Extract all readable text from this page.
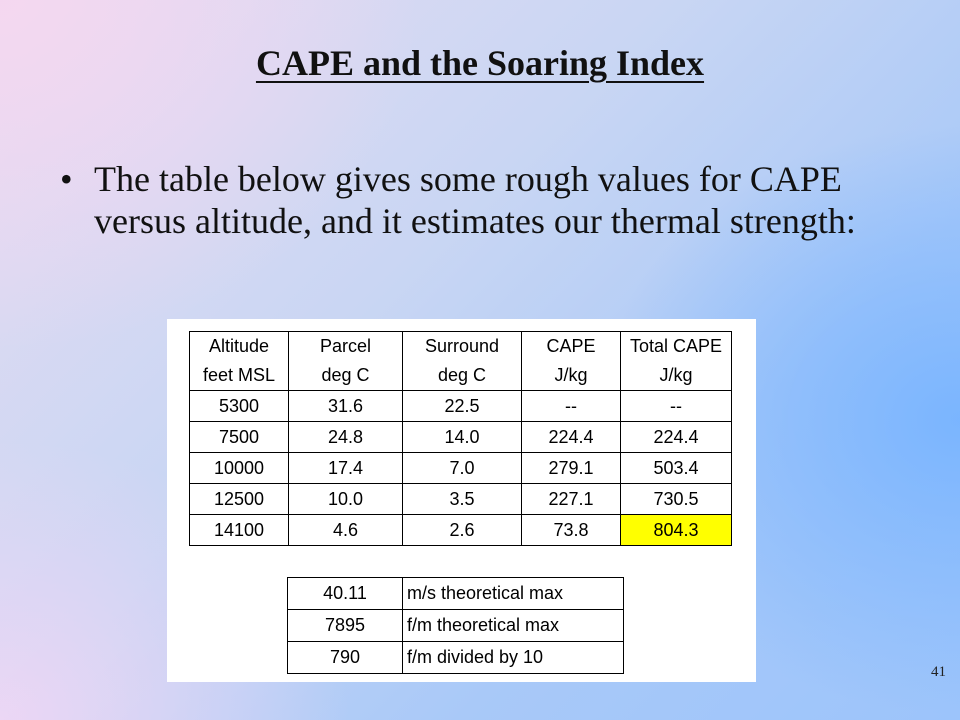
CAPE and the Soaring Index
• The table below gives some rough values for CAPE versus altitude, and it estimates our thermal strength:
Altitude	Parcel	Surround	CAPE	Total CAPE
feet MSL	deg C	deg C	J/kg	J/kg
5300	31.6	22.5	--	--
7500	24.8	14.0	224.4	224.4
10000	17.4	7.0	279.1	503.4
12500	10.0	3.5	227.1	730.5
14100	4.6	2.6	73.8	804.3
40.11	m/s theoretical max
7895	f/m theoretical max
790	f/m divided by 10
41
